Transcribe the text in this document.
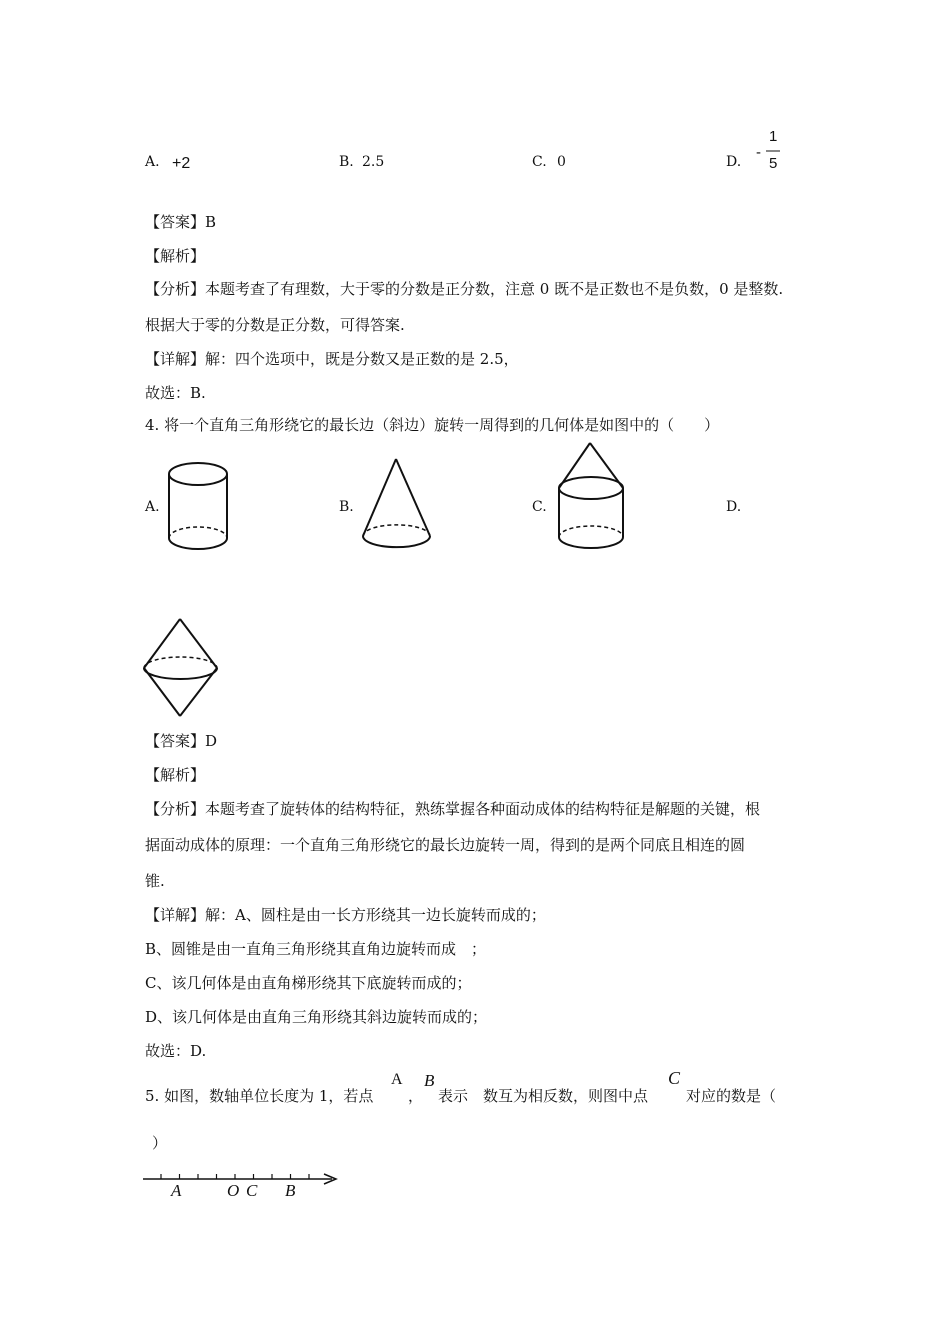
A. +2	B. 2.5	C. 0	D.
-
1
5
【答案】B
【解析】
【分析】本题考查了有理数，大于零的分数是正分数，注意 0 既不是正数也不是负数，0 是整数.
根据大于零的分数是正分数，可得答案.
【详解】解：四个选项中，既是分数又是正数的是 2.5，
故选：B.
4. 将一个直角三角形绕它的最长边（斜边）旋转一周得到的几何体是如图中的（　　）
A.	B.	C.	D.
【答案】D
【解析】
【分析】本题考查了旋转体的结构特征，熟练掌握各种面动成体的结构特征是解题的关键，根
据面动成体的原理：一个直角三角形绕它的最长边旋转一周，得到的是两个同底且相连的圆
锥.
【详解】解：A、圆柱是由一长方形绕其一边长旋转而成的；
B、圆锥是由一直角三角形绕其直角边旋转而成　；
C、该几何体是由直角梯形绕其下底旋转而成的；
D、该几何体是由直角三角形绕其斜边旋转而成的；
故选：D.
5. 如图，数轴单位长度为 1，若点
A
，
B
表示　数互为相反数，则图中点
C
对应的数是（
）
A	O C B
